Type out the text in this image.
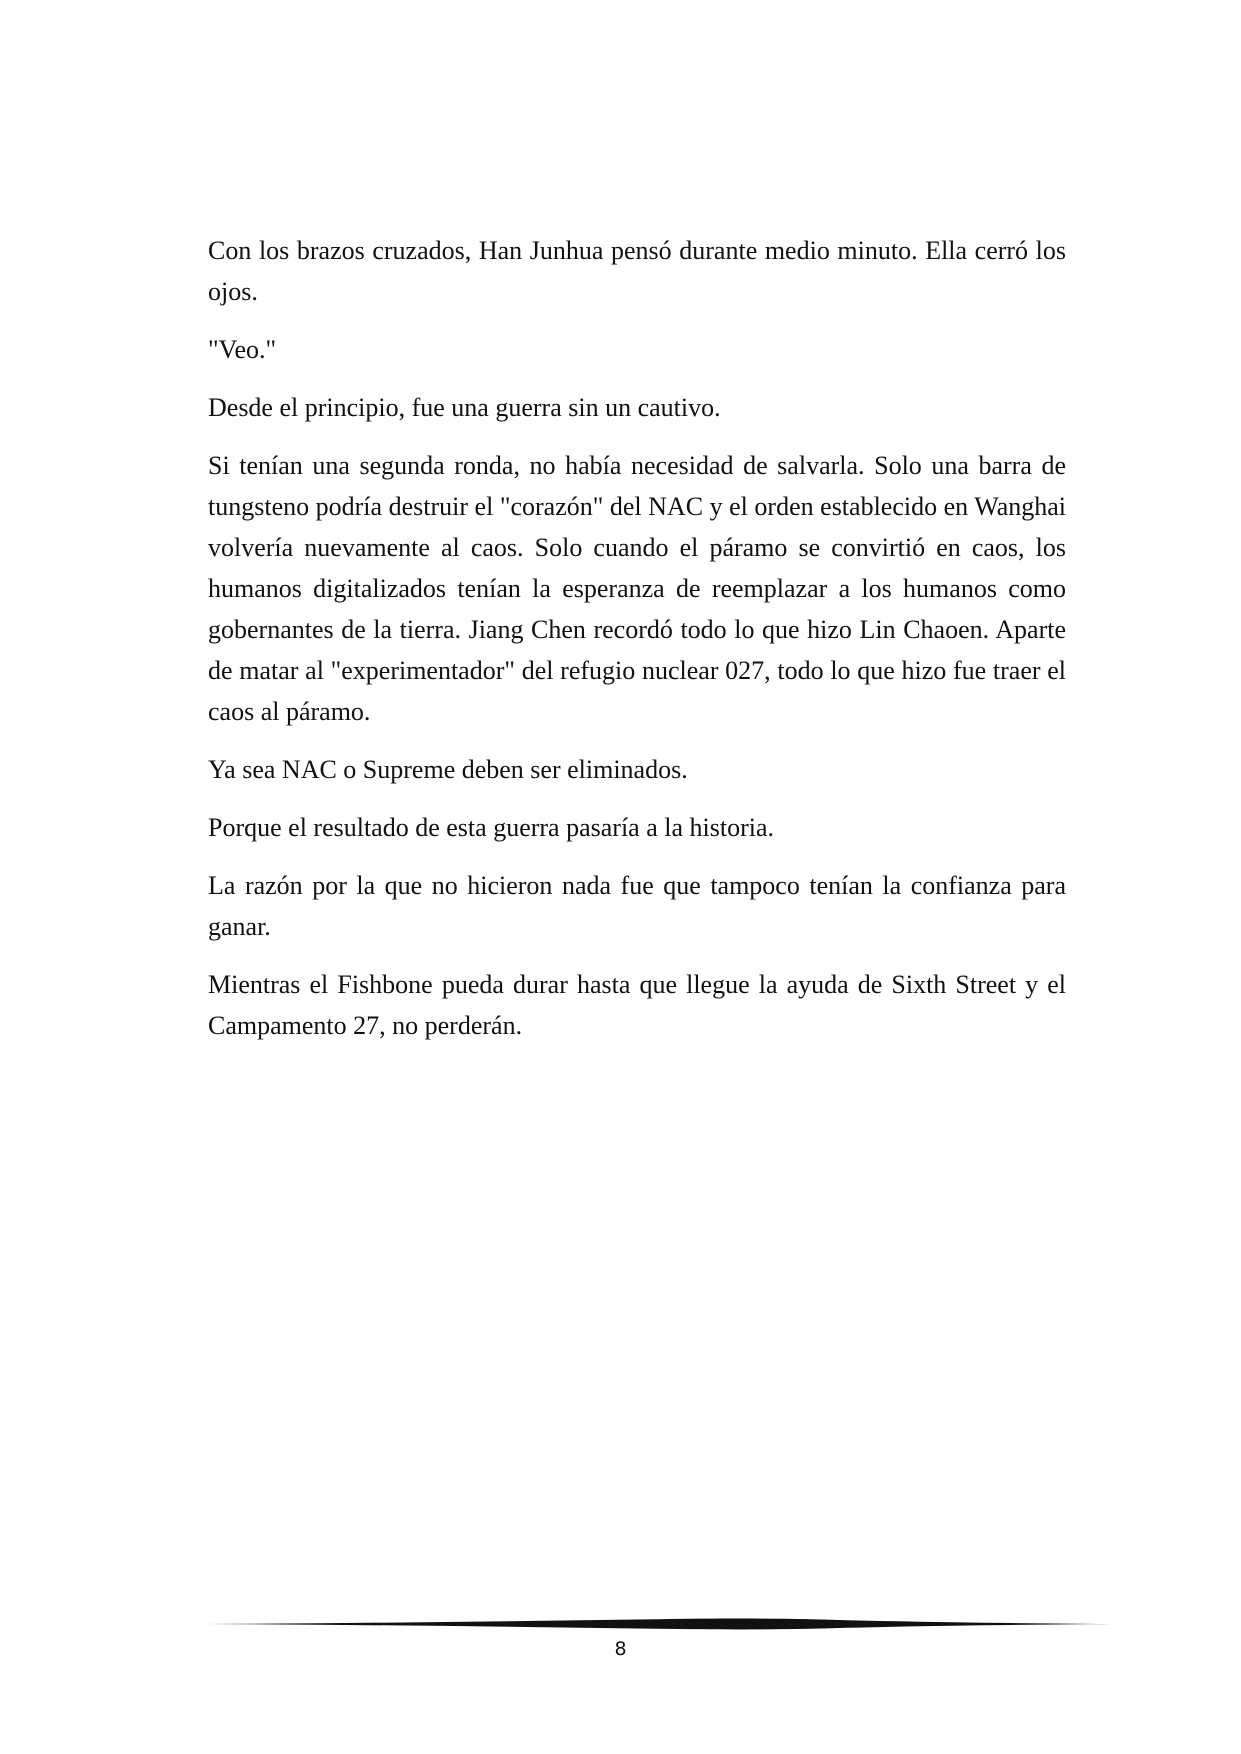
Con los brazos cruzados, Han Junhua pensó durante medio minuto. Ella cerró los ojos.

"Veo."

Desde el principio, fue una guerra sin un cautivo.

Si tenían una segunda ronda, no había necesidad de salvarla. Solo una barra de tungsteno podría destruir el "corazón" del NAC y el orden establecido en Wanghai volvería nuevamente al caos. Solo cuando el páramo se convirtió en caos, los humanos digitalizados tenían la esperanza de reemplazar a los humanos como gobernantes de la tierra. Jiang Chen recordó todo lo que hizo Lin Chaoen. Aparte de matar al "experimentador" del refugio nuclear 027, todo lo que hizo fue traer el caos al páramo.

Ya sea NAC o Supreme deben ser eliminados.

Porque el resultado de esta guerra pasaría a la historia.

La razón por la que no hicieron nada fue que tampoco tenían la confianza para ganar.

Mientras el Fishbone pueda durar hasta que llegue la ayuda de Sixth Street y el Campamento 27, no perderán.

8
